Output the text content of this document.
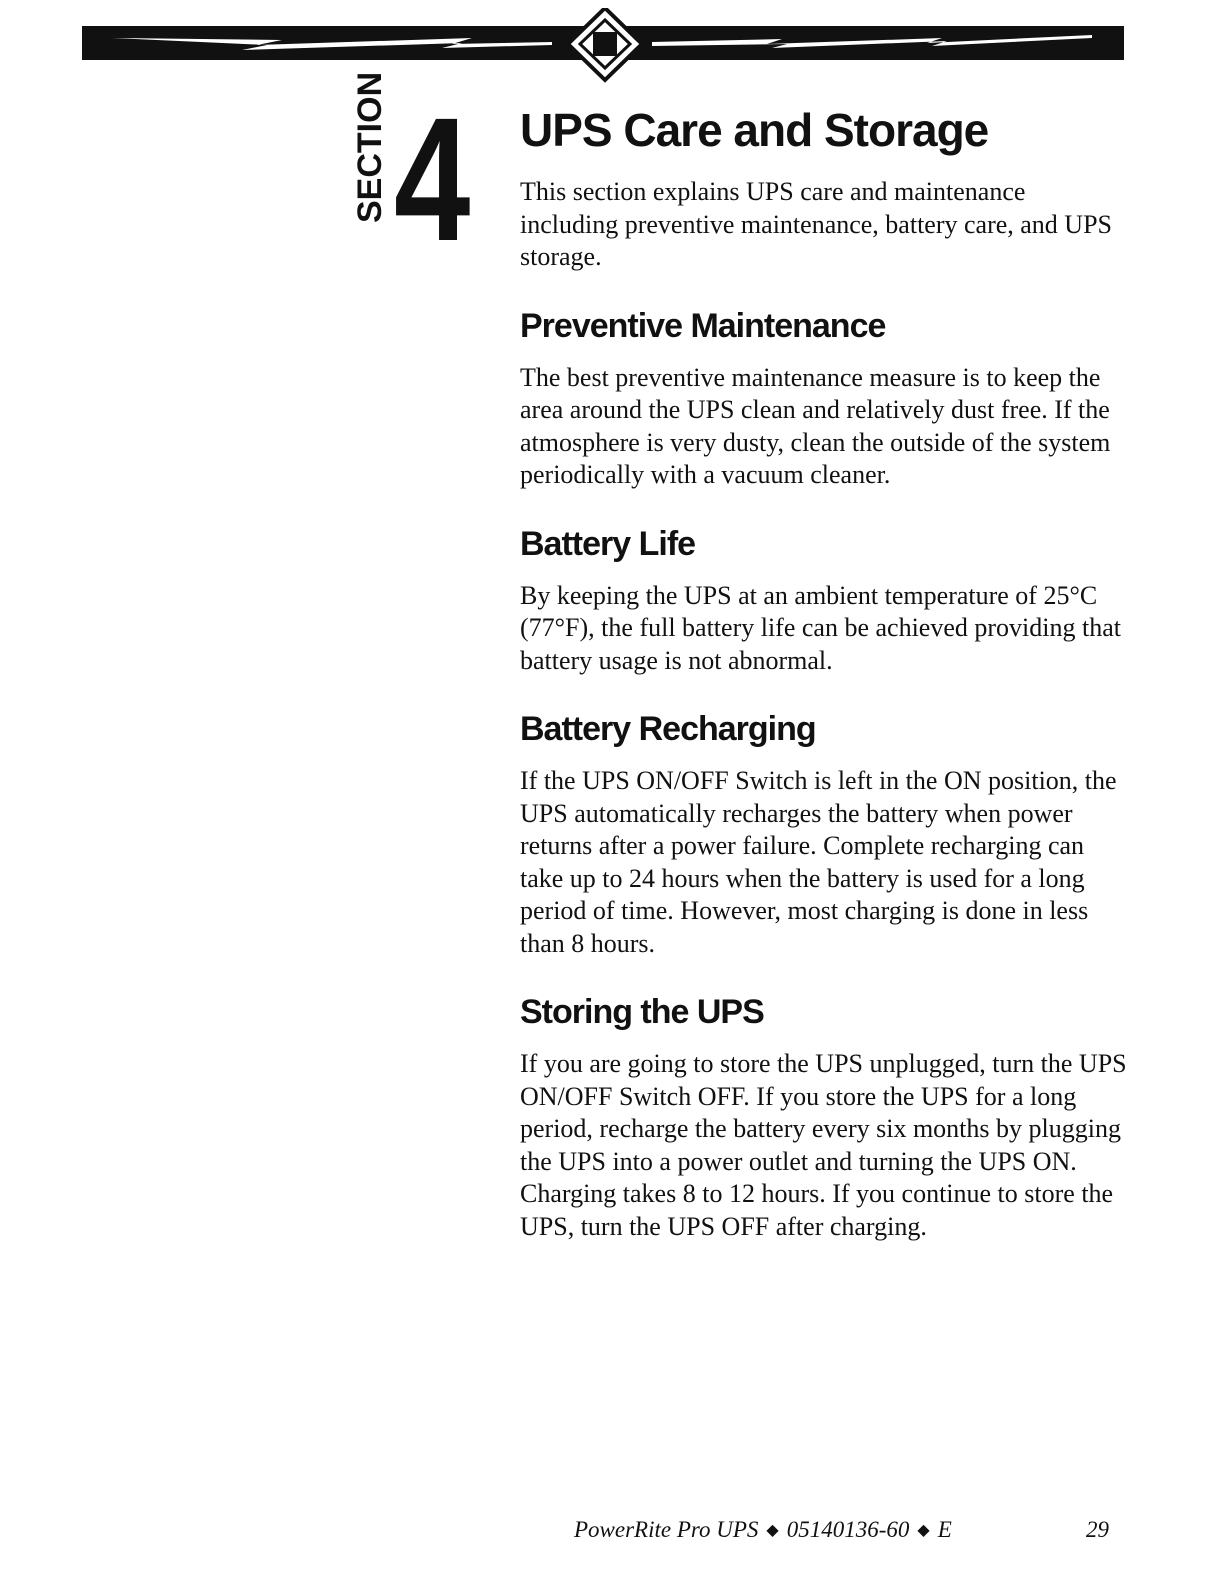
SECTION 4 UPS Care and Storage

This section explains UPS care and maintenance including preventive maintenance, battery care, and UPS storage.

Preventive Maintenance

The best preventive maintenance measure is to keep the area around the UPS clean and relatively dust free. If the atmosphere is very dusty, clean the outside of the system periodically with a vacuum cleaner.

Battery Life

By keeping the UPS at an ambient temperature of 25°C (77°F), the full battery life can be achieved providing that battery usage is not abnormal.

Battery Recharging

If the UPS ON/OFF Switch is left in the ON position, the UPS automatically recharges the battery when power returns after a power failure. Complete recharging can take up to 24 hours when the battery is used for a long period of time. However, most charging is done in less than 8 hours.

Storing the UPS

If you are going to store the UPS unplugged, turn the UPS ON/OFF Switch OFF. If you store the UPS for a long period, recharge the battery every six months by plugging the UPS into a power outlet and turning the UPS ON. Charging takes 8 to 12 hours. If you continue to store the UPS, turn the UPS OFF after charging.

PowerRite Pro UPS ◆ 05140136-60 ◆ E	29
